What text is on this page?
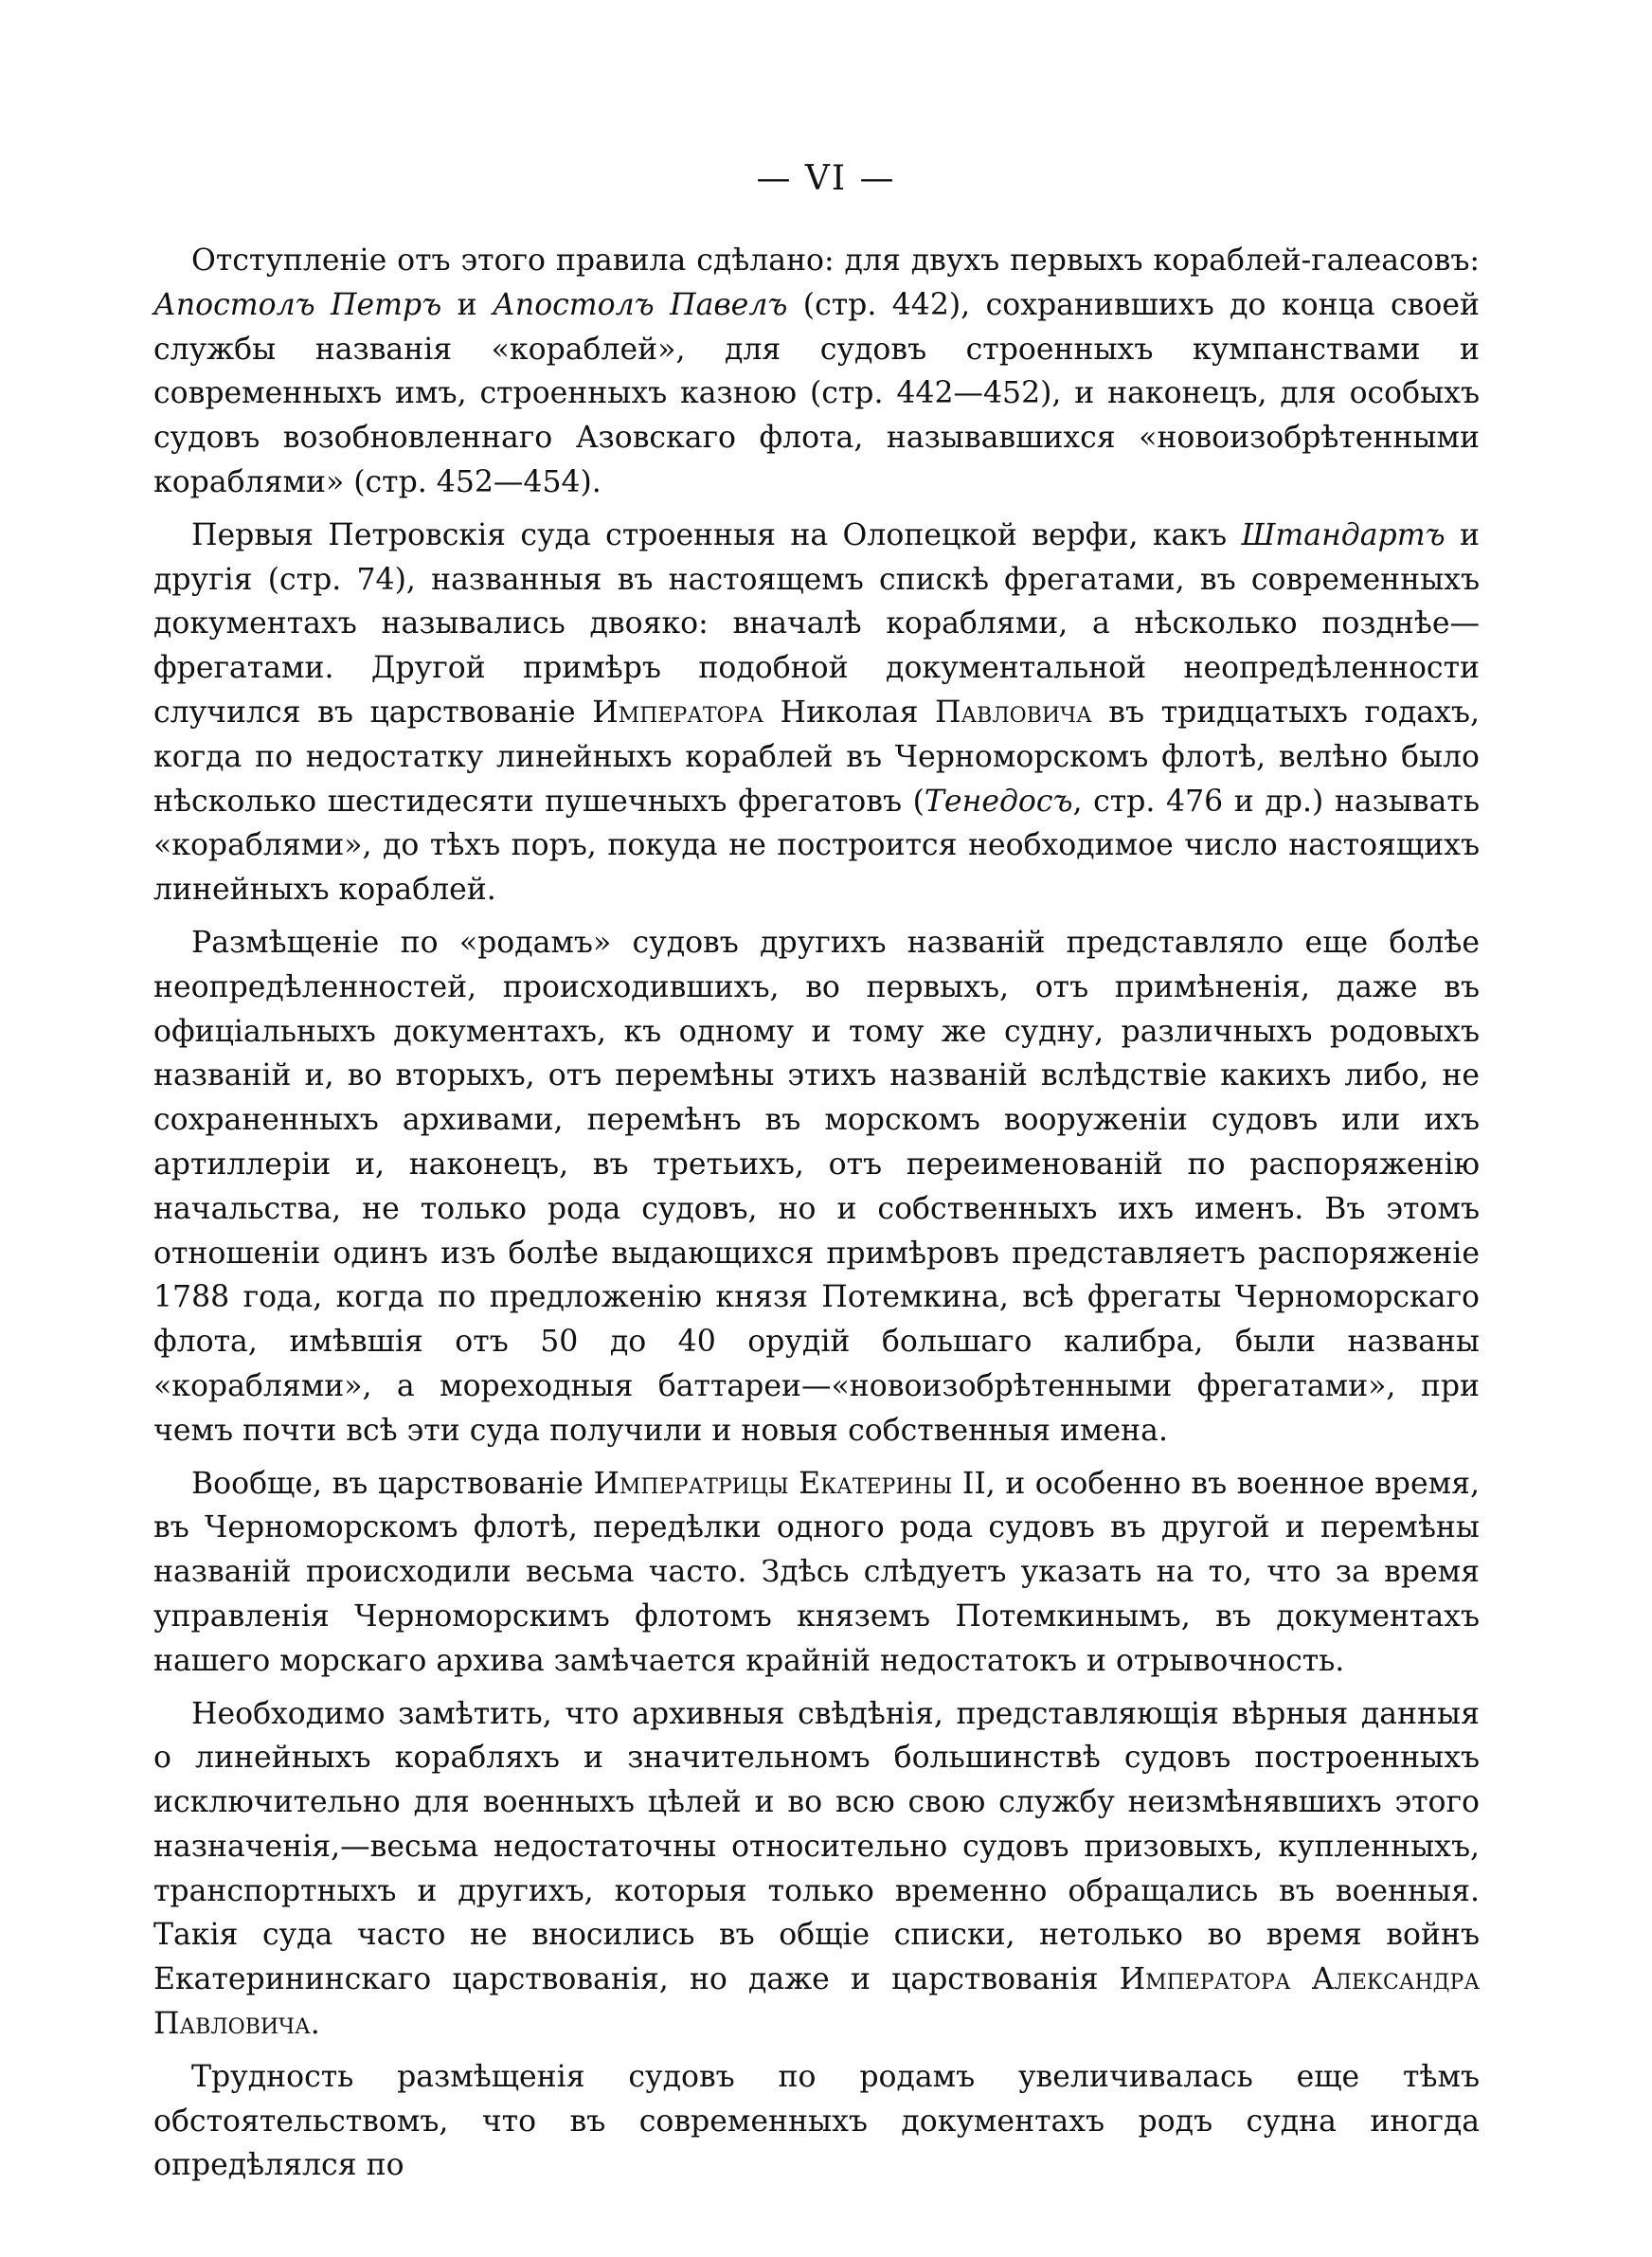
— VI —

Отступленіе отъ этого правила сдѣлано: для двухъ первыхъ кораблей-галеасовъ: Апостолъ Петръ и Апостолъ Павелъ (стр. 442), сохранившихъ до конца своей службы названія «кораблей», для судовъ строенныхъ кумпанствами и современныхъ имъ, строенныхъ казною (стр. 442—452), и наконецъ, для особыхъ судовъ возобновленнаго Азовскаго флота, называвшихся «новоизобрѣтенными кораблями» (стр. 452—454).

Первыя Петровскія суда строенныя на Олопецкой верфи, какъ Штандартъ и другія (стр. 74), названныя въ настоящемъ спискѣ фрегатами, въ современныхъ документахъ назывались двояко: вначалѣ кораблями, а нѣсколько позднѣе—фрегатами. Другой примѣръ подобной документальной неопредѣленности случился въ царствованіе Императора Николая Павловича въ тридцатыхъ годахъ, когда по недостатку линейныхъ кораблей въ Черноморскомъ флотѣ, велѣно было нѣсколько шестидесяти пушечныхъ фрегатовъ (Тенедосъ, стр. 476 и др.) называть «кораблями», до тѣхъ поръ, покуда не построится необходимое число настоящихъ линейныхъ кораблей.

Размѣщеніе по «родамъ» судовъ другихъ названій представляло еще болѣе неопредѣленностей, происходившихъ, во первыхъ, отъ примѣненія, даже въ офиціальныхъ документахъ, къ одному и тому же судну, различныхъ родовыхъ названій и, во вторыхъ, отъ перемѣны этихъ названій вслѣдствіе какихъ либо, не сохраненныхъ архивами, перемѣнъ въ морскомъ вооруженіи судовъ или ихъ артиллеріи и, наконецъ, въ третьихъ, отъ переименованій по распоряженію начальства, не только рода судовъ, но и собственныхъ ихъ именъ. Въ этомъ отношеніи одинъ изъ болѣе выдающихся примѣровъ представляетъ распоряженіе 1788 года, когда по предложенію князя Потемкина, всѣ фрегаты Черноморскаго флота, имѣвшія отъ 50 до 40 орудій большаго калибра, были названы «кораблями», а мореходныя баттареи—«новоизобрѣтенными фрегатами», при чемъ почти всѣ эти суда получили и новыя собственныя имена.

Вообще, въ царствованіе Императрицы Екатерины II, и особенно въ военное время, въ Черноморскомъ флотѣ, передѣлки одного рода судовъ въ другой и перемѣны названій происходили весьма часто. Здѣсь слѣдуетъ указать на то, что за время управленія Черноморскимъ флотомъ княземъ Потемкинымъ, въ документахъ нашего морскаго архива замѣчается крайній недостатокъ и отрывочность.

Необходимо замѣтить, что архивныя свѣдѣнія, представляющія вѣрныя данныя о линейныхъ корабляхъ и значительномъ большинствѣ судовъ построенныхъ исключительно для военныхъ цѣлей и во всю свою службу неизмѣнявшихъ этого назначенія,—весьма недостаточны относительно судовъ призовыхъ, купленныхъ, транспортныхъ и другихъ, которыя только временно обращались въ военныя. Такія суда часто не вносились въ общіе списки, нетолько во время войнъ Екатерининскаго царствованія, но даже и царствованія Императора Александра Павловича.

Трудность размѣщенія судовъ по родамъ увеличивалась еще тѣмъ обстоятельствомъ, что въ современныхъ документахъ родъ судна иногда опредѣлялся по
